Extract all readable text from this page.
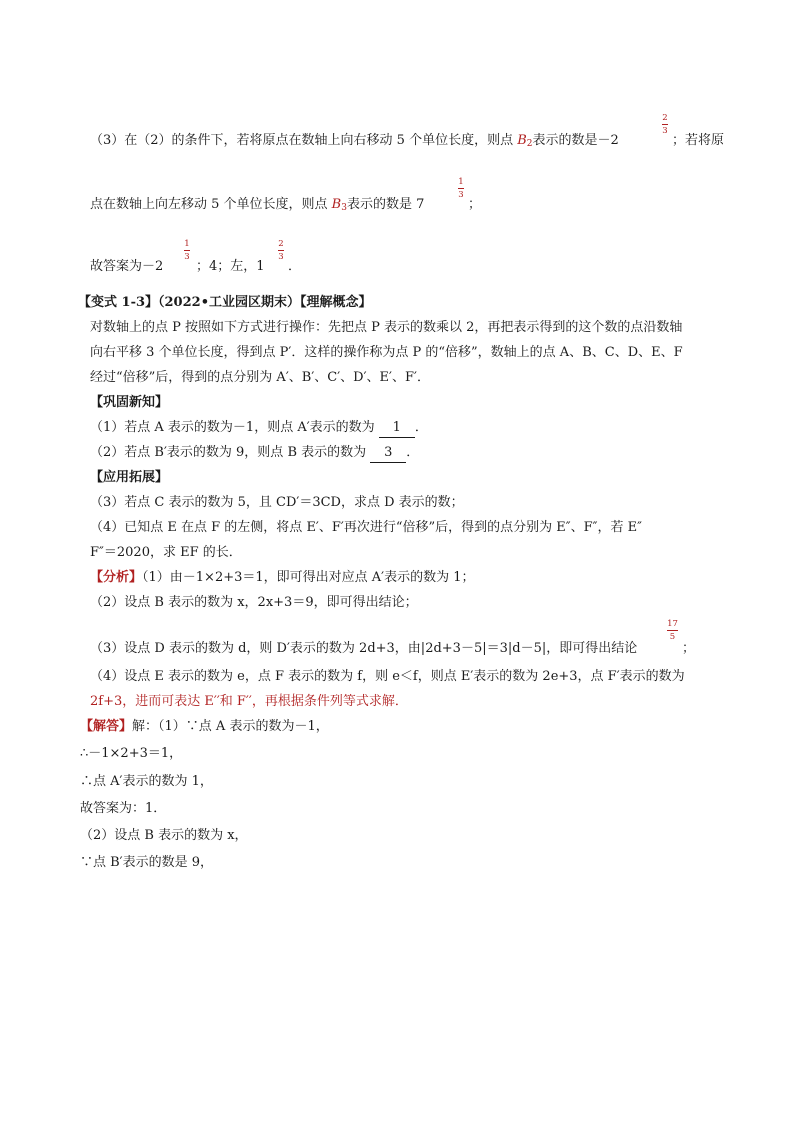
（3）在（2）的条件下，若将原点在数轴上向右移动 5 个单位长度，则点 $B_2$表示的数是－2
2
3
；若将原
点在数轴上向左移动 5 个单位长度，则点 $B_3$表示的数是 7
1
3
；
故答案为－2
1
3
；4；左，1
2
3
．
【变式 1-3】（2022•工业园区期末）【理解概念】
对数轴上的点 P 按照如下方式进行操作：先把点 P 表示的数乘以 2，再把表示得到的这个数的点沿数轴
向右平移 3 个单位长度，得到点 P′．这样的操作称为点 P 的“倍移”，数轴上的点 A、B、C、D、E、F
经过“倍移”后，得到的点分别为 A′、B′、C′、D′、E′、F′．
【巩固新知】
（1）若点 A 表示的数为－1，则点 A′表示的数为 1 ．
（2）若点 B′表示的数为 9，则点 B 表示的数为 3 ．
【应用拓展】
（3）若点 C 表示的数为 5，且 CD′＝3CD，求点 D 表示的数；
（4）已知点 E 在点 F 的左侧，将点 E′、F′再次进行“倍移”后，得到的点分别为 E″、F″，若 E″
F″＝2020，求 EF 的长．
【分析】（1）由－1×2+3＝1，即可得出对应点 A′表示的数为 1；
（2）设点 B 表示的数为 x，2x+3＝9，即可得出结论；
（3）设点 D 表示的数为 d，则 D′表示的数为 2d+3，由|2d+3－5|＝3|d－5|，即可得出结论
17
5
；
（4）设点 E 表示的数为 e，点 F 表示的数为 f，则 e＜f，则点 E′表示的数为 2e+3，点 F′表示的数为
2f+3，进而可表达 E′′和 F′′，再根据条件列等式求解．
【解答】解：（1）∵点 A 表示的数为－1，
∴－1×2+3＝1，
∴点 A′表示的数为 1，
故答案为：1．
（2）设点 B 表示的数为 x，
∵点 B′表示的数是 9，
